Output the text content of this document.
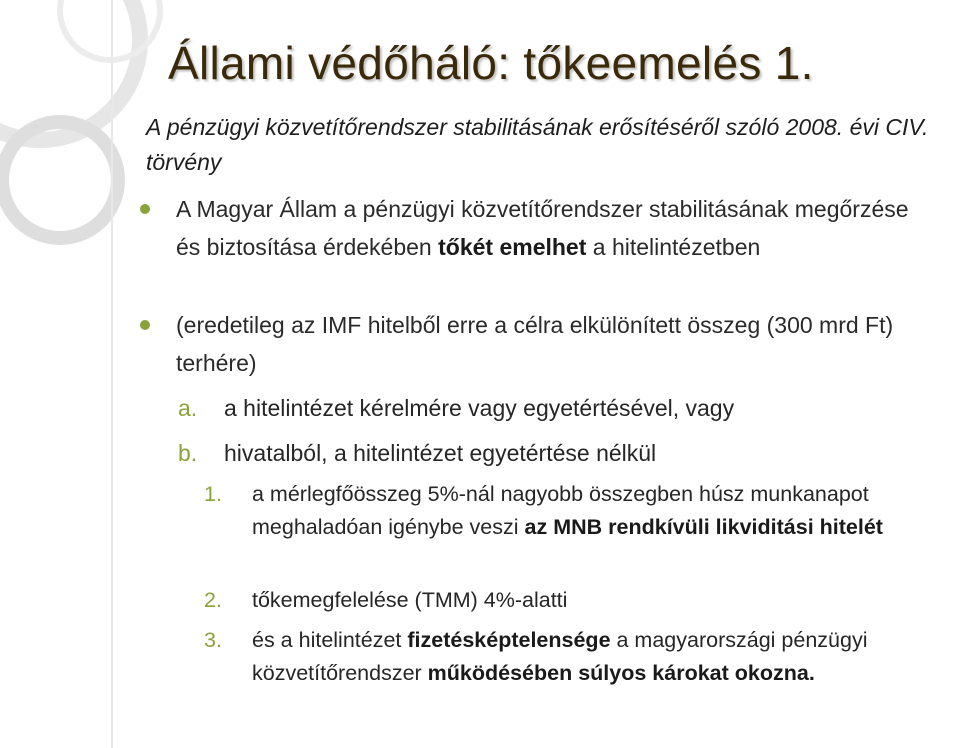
Állami védőháló: tőkeemelés 1.
A pénzügyi közvetítőrendszer stabilitásának erősítéséről szóló 2008. évi CIV. törvény
A Magyar Állam a pénzügyi közvetítőrendszer stabilitásának megőrzése és biztosítása érdekében tőkét emelhet a hitelintézetben
(eredetileg az IMF hitelből erre a célra elkülönített összeg (300 mrd Ft) terhére)
a. a hitelintézet kérelmére vagy egyetértésével, vagy
b. hivatalból, a hitelintézet egyetértése nélkül
1. a mérlegfőösszeg 5%-nál nagyobb összegben húsz munkanapot meghaladóan igénybe veszi az MNB rendkívüli likviditási hitelét
2. tőkemegfelelése (TMM) 4%-alatti
3. és a hitelintézet fizetésképtelensége a magyarországi pénzügyi közvetítőrendszer működésében súlyos károkat okozna.
